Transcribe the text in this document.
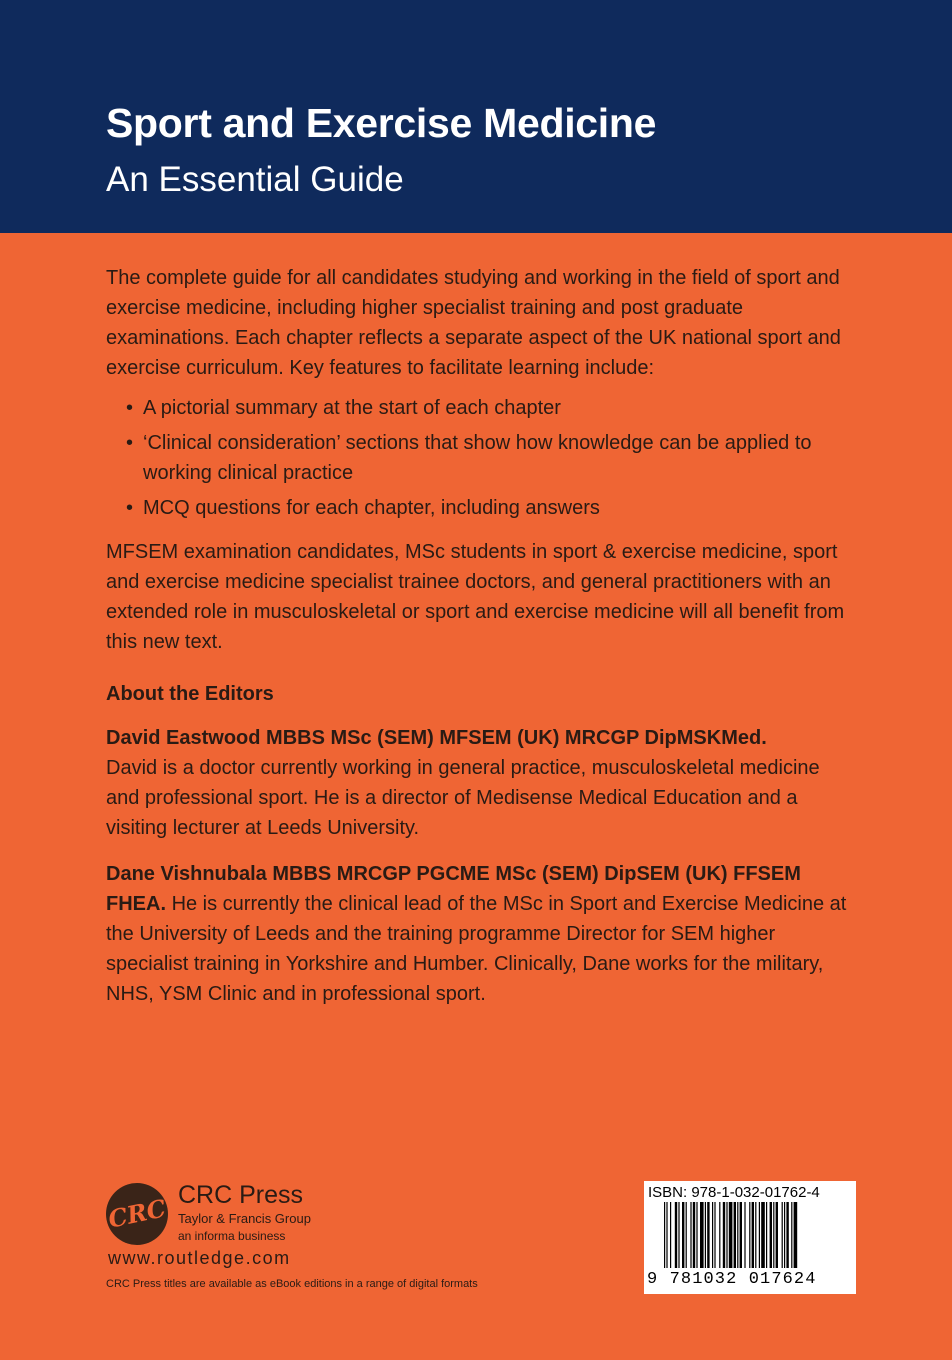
Sport and Exercise Medicine
An Essential Guide

The complete guide for all candidates studying and working in the field of sport and exercise medicine, including higher specialist training and post graduate examinations. Each chapter reflects a separate aspect of the UK national sport and exercise curriculum. Key features to facilitate learning include:

• A pictorial summary at the start of each chapter
• ‘Clinical consideration’ sections that show how knowledge can be applied to working clinical practice
• MCQ questions for each chapter, including answers

MFSEM examination candidates, MSc students in sport & exercise medicine, sport and exercise medicine specialist trainee doctors, and general practitioners with an extended role in musculoskeletal or sport and exercise medicine will all benefit from this new text.

About the Editors

David Eastwood MBBS MSc (SEM) MFSEM (UK) MRCGP DipMSKMed.
David is a doctor currently working in general practice, musculoskeletal medicine and professional sport. He is a director of Medisense Medical Education and a visiting lecturer at Leeds University.

Dane Vishnubala MBBS MRCGP PGCME MSc (SEM) DipSEM (UK) FFSEM FHEA. He is currently the clinical lead of the MSc in Sport and Exercise Medicine at the University of Leeds and the training programme Director for SEM higher specialist training in Yorkshire and Humber. Clinically, Dane works for the military, NHS, YSM Clinic and in professional sport.

CRC CRC Press
Taylor & Francis Group
an informa business
www.routledge.com
CRC Press titles are available as eBook editions in a range of digital formats
ISBN: 978-1-032-01762-4
9 781032 017624
